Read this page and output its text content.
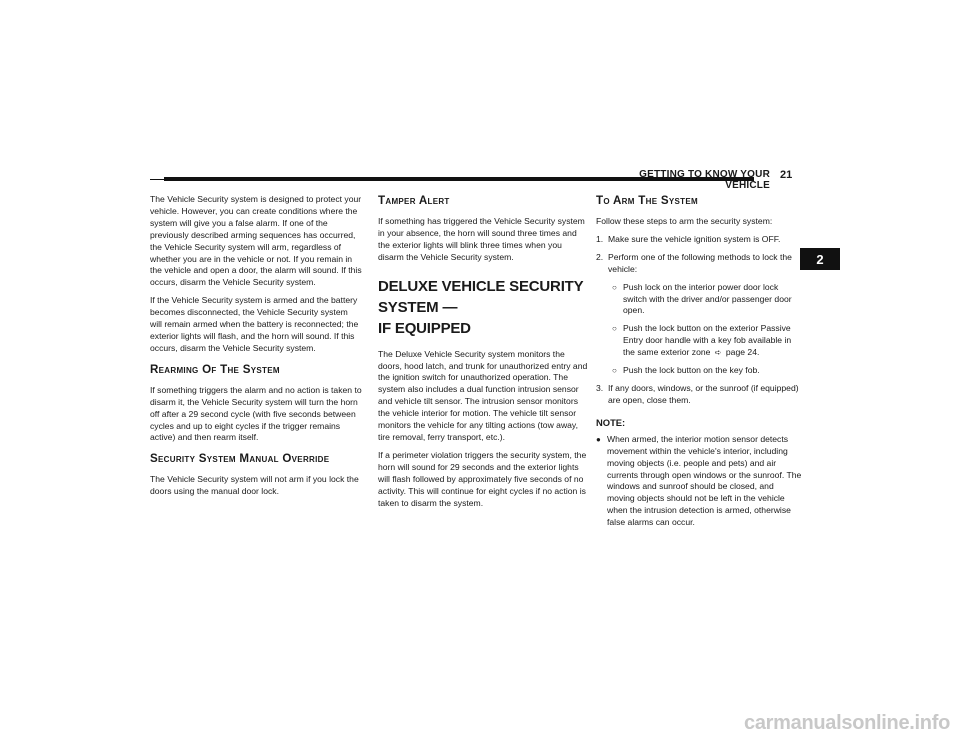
GETTING TO KNOW YOUR VEHICLE
21
2

The Vehicle Security system is designed to protect your vehicle. However, you can create conditions where the system will give you a false alarm. If one of the previously described arming sequences has occurred, the Vehicle Security system will arm, regardless of whether you are in the vehicle or not. If you remain in the vehicle and open a door, the alarm will sound. If this occurs, disarm the Vehicle Security system.

If the Vehicle Security system is armed and the battery becomes disconnected, the Vehicle Security system will remain armed when the battery is reconnected; the exterior lights will flash, and the horn will sound. If this occurs, disarm the Vehicle Security system.

Rearming Of The System

If something triggers the alarm and no action is taken to disarm it, the Vehicle Security system will turn the horn off after a 29 second cycle (with five seconds between cycles and up to eight cycles if the trigger remains active) and then rearm itself.

Security System Manual Override

The Vehicle Security system will not arm if you lock the doors using the manual door lock.

Tamper Alert

If something has triggered the Vehicle Security system in your absence, the horn will sound three times and the exterior lights will blink three times when you disarm the Vehicle Security system.

DELUXE VEHICLE SECURITY SYSTEM —
IF EQUIPPED

The Deluxe Vehicle Security system monitors the doors, hood latch, and trunk for unauthorized entry and the ignition switch for unauthorized operation. The system also includes a dual function intrusion sensor and vehicle tilt sensor. The intrusion sensor monitors the vehicle interior for motion. The vehicle tilt sensor monitors the vehicle for any tilting actions (tow away, tire removal, ferry transport, etc.).

If a perimeter violation triggers the security system, the horn will sound for 29 seconds and the exterior lights will flash followed by approximately five seconds of no activity. This will continue for eight cycles if no action is taken to disarm the system.

To Arm The System

Follow these steps to arm the security system:

1. Make sure the vehicle ignition system is OFF.
2. Perform one of the following methods to lock the vehicle:
○ Push lock on the interior power door lock switch with the driver and/or passenger door open.
○ Push the lock button on the exterior Passive Entry door handle with a key fob available in the same exterior zone ➪ page 24.
○ Push the lock button on the key fob.
3. If any doors, windows, or the sunroof (if equipped) are open, close them.
NOTE:
● When armed, the interior motion sensor detects movement within the vehicle's interior, including moving objects (i.e. people and pets) and air currents through open windows or the sunroof. The windows and sunroof should be closed, and moving objects should not be left in the vehicle when the intrusion detection is armed, otherwise false alarms can occur.
carmanualsonline.info
